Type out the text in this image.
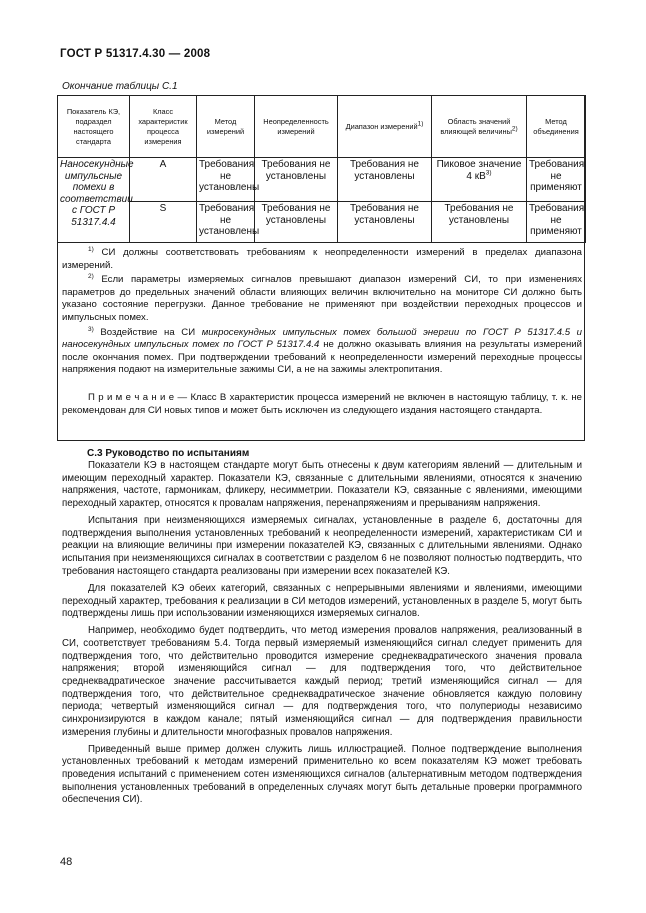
ГОСТ Р 51317.4.30 — 2008
Окончание таблицы С.1
Показатель КЭ, подраздел настоящего стандарта	Класс характеристик процесса измерения	Метод измерений	Неопределенность измерений	Диапазон измерений$^{1)}$	Область значений влияющей величины$^{2)}$	Метод объединения
Наносекундные импульсные помехи в соответствии с ГОСТ Р 51317.4.4	A	Требования не установлены	Требования не установлены	Требования не установлены	Пиковое значение 4 $кВ^{3)}$	Требования не применяют
	S	Требования не установлены	Требования не установлены	Требования не установлены	Требования не установлены	Требования не применяют

$^{1)}$ СИ должны соответствовать требованиям к неопределенности измерений в пределах диапазона измерений.

$^{2)}$ Если параметры измеряемых сигналов превышают диапазон измерений СИ, то при изменениях параметров до предельных значений области влияющих величин включительно на мониторе СИ должно быть указано состояние перегрузки. Данное требование не применяют при воздействии переходных процессов и импульсных помех.

$^{3)}$ Воздействие на СИ микросекундных импульсных помех большой энергии по ГОСТ Р 51317.4.5 и наносекундных импульсных помех по ГОСТ Р 51317.4.4 не должно оказывать влияния на результаты измерений после окончания помех. При подтверждении требований к неопределенности измерений переходные процессы напряжения подают на измерительные зажимы СИ, а не на зажимы электропитания.

П р и м е ч а н и е — Класс В характеристик процесса измерений не включен в настоящую таблицу, т. к. не рекомендован для СИ новых типов и может быть исключен из следующего издания настоящего стандарта.

С.3 Руководство по испытаниям

Показатели КЭ в настоящем стандарте могут быть отнесены к двум категориям явлений — длительным и имеющим переходный характер. Показатели КЭ, связанные с длительными явлениями, относятся к значению напряжения, частоте, гармоникам, фликеру, несимметрии. Показатели КЭ, связанные с явлениями, имеющими переходный характер, относятся к провалам напряжения, перенапряжениям и прерываниям напряжения.

Испытания при неизменяющихся измеряемых сигналах, установленные в разделе 6, достаточны для подтверждения выполнения установленных требований к неопределенности измерений, характеристикам СИ и реакции на влияющие величины при измерении показателей КЭ, связанных с длительными явлениями. Однако испытания при неизменяющихся сигналах в соответствии с разделом 6 не позволяют полностью подтвердить, что требования настоящего стандарта реализованы при измерении всех показателей КЭ.

Для показателей КЭ обеих категорий, связанных с непрерывными явлениями и явлениями, имеющими переходный характер, требования к реализации в СИ методов измерений, установленных в разделе 5, могут быть подтверждены лишь при использовании изменяющихся измеряемых сигналов.

Например, необходимо будет подтвердить, что метод измерения провалов напряжения, реализованный в СИ, соответствует требованиям 5.4. Тогда первый измеряемый изменяющийся сигнал следует применить для подтверждения того, что действительно проводится измерение среднеквадратического значения провала напряжения; второй изменяющийся сигнал — для подтверждения того, что действительное среднеквадратическое значение рассчитывается каждый период; третий изменяющийся сигнал — для подтверждения того, что действительное среднеквадратическое значение обновляется каждую половину периода; четвертый изменяющийся сигнал — для подтверждения того, что полупериоды независимо синхронизируются в каждом канале; пятый изменяющийся сигнал — для подтверждения правильности измерения глубины и длительности многофазных провалов напряжения.

Приведенный выше пример должен служить лишь иллюстрацией. Полное подтверждение выполнения установленных требований к методам измерений применительно ко всем показателям КЭ может требовать проведения испытаний с применением сотен изменяющихся сигналов (альтернативным методом подтверждения выполнения установленных требований в определенных случаях могут быть детальные проверки программного обеспечения СИ).

48
